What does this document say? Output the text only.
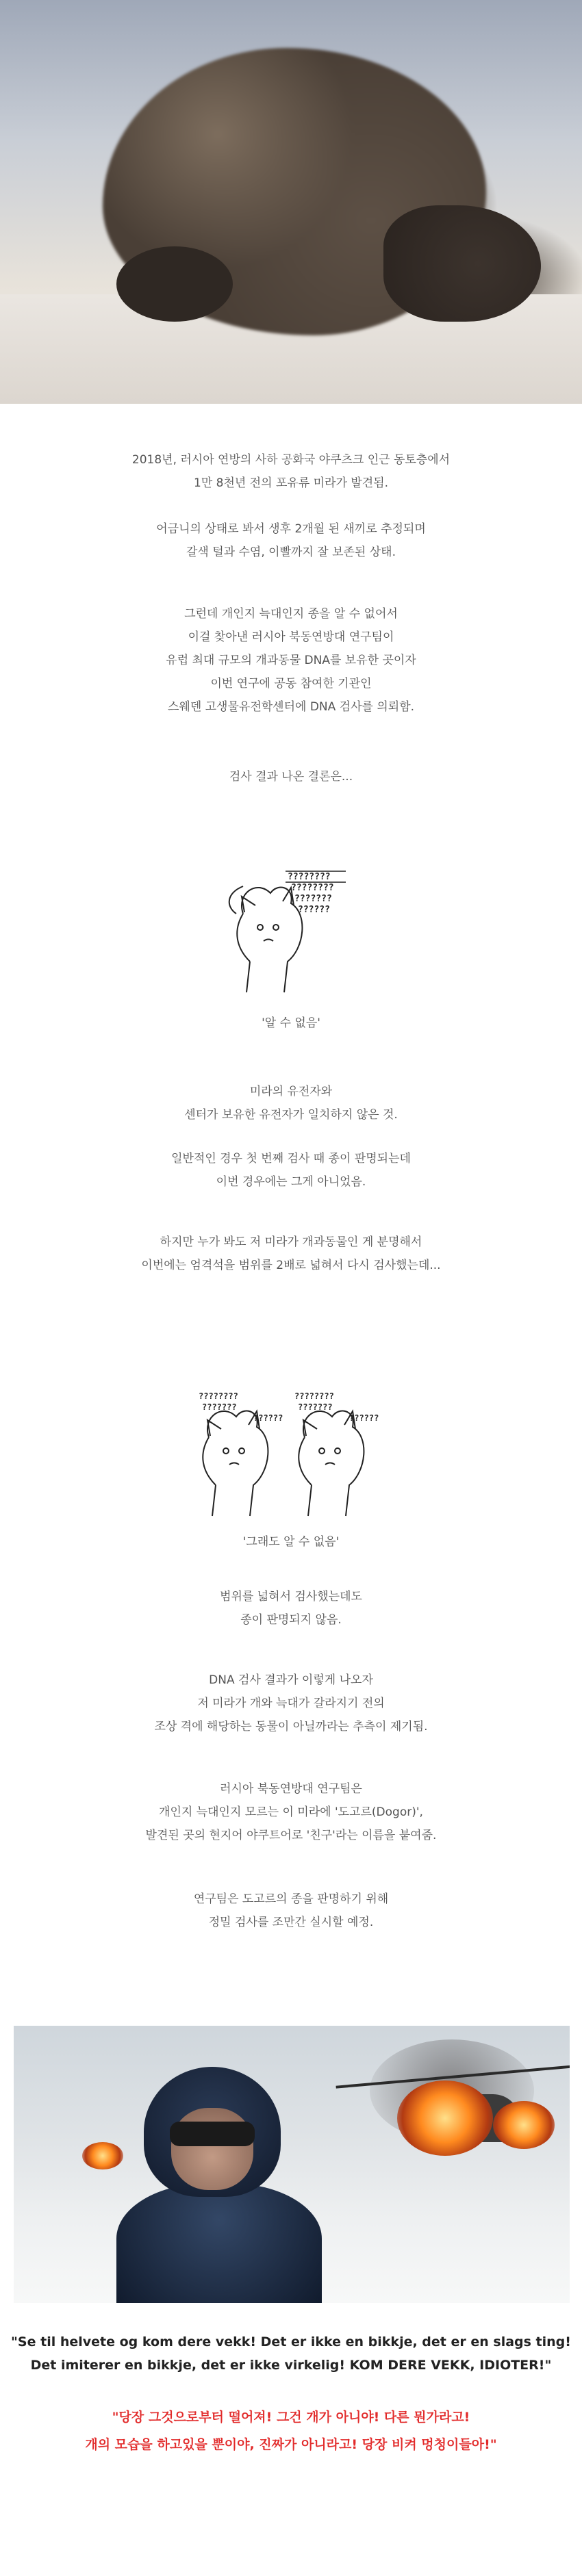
2018년, 러시아 연방의 사하 공화국 야쿠츠크 인근 동토층에서
1만 8천년 전의 포유류 미라가 발견됨.
어금니의 상태로 봐서 생후 2개월 된 새끼로 추정되며
갈색 털과 수염, 이빨까지 잘 보존된 상태.
그런데 개인지 늑대인지 종을 알 수 없어서
이걸 찾아낸 러시아 북동연방대 연구팀이
유럽 최대 규모의 개과동물 DNA를 보유한 곳이자
이번 연구에 공동 참여한 기관인
스웨덴 고생물유전학센터에 DNA 검사를 의뢰함.
검사 결과 나온 결론은...
????????
????????
???????
??????
'알 수 없음'
미라의 유전자와
센터가 보유한 유전자가 일치하지 않은 것.
일반적인 경우 첫 번째 검사 때 종이 판명되는데
이번 경우에는 그게 아니었음.
하지만 누가 봐도 저 미라가 개과동물인 게 분명해서
이번에는 엄격석을 범위를 2배로 넓혀서 다시 검사했는데...
????????
???????
??????
????????
???????
??????
'그래도 알 수 없음'
범위를 넓혀서 검사했는데도
종이 판명되지 않음.
DNA 검사 결과가 이렇게 나오자
저 미라가 개와 늑대가 갈라지기 전의
조상 격에 해당하는 동물이 아닐까라는 추측이 제기됨.
러시아 북동연방대 연구팀은
개인지 늑대인지 모르는 이 미라에 '도고르(Dogor)',
발견된 곳의 현지어 야쿠트어로 '친구'라는 이름을 붙여줌.
연구팀은 도고르의 종을 판명하기 위해
정밀 검사를 조만간 실시할 예정.
"Se til helvete og kom dere vekk! Det er ikke en bikkje, det er en slags ting!
Det imiterer en bikkje, det er ikke virkelig! KOM DERE VEKK, IDIOTER!"
"당장 그것으로부터 떨어져! 그건 개가 아니야! 다른 뭔가라고!
개의 모습을 하고있을 뿐이야, 진짜가 아니라고! 당장 비켜 멍청이들아!"
